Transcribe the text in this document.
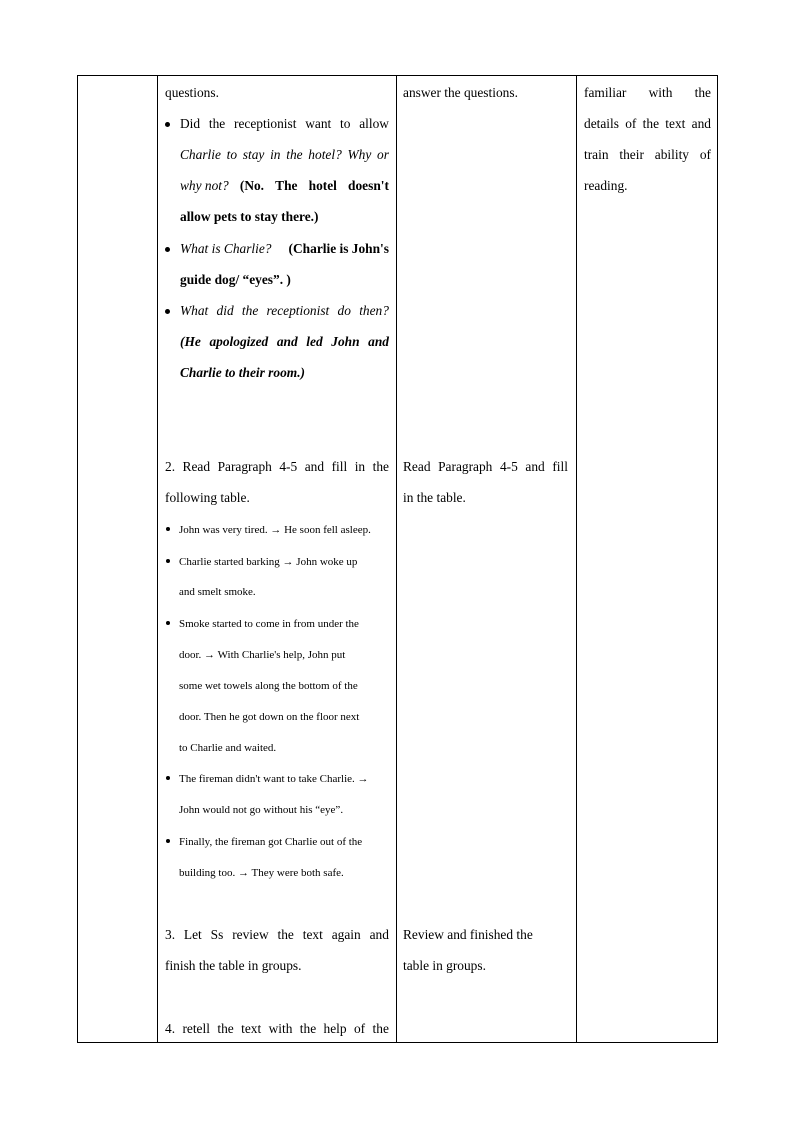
questions.
Did the receptionist want to allow
Charlie to stay in the hotel? Why or
why not? (No. The hotel doesn't
allow pets to stay there.)
What is Charlie? (Charlie is John's
guide dog/ “eyes”. )
What did the receptionist do then?
(He apologized and led John and
Charlie to their room.)
2. Read Paragraph 4-5 and fill in the
following table.
John was very tired. → He soon fell asleep.
Charlie started barking → John woke up
and smelt smoke.
Smoke started to come in from under the
door. → With Charlie's help, John put
some wet towels along the bottom of the
door. Then he got down on the floor next
to Charlie and waited.
The fireman didn't want to take Charlie. →
John would not go without his “eye”.
Finally, the fireman got Charlie out of the
building too. → They were both safe.
3. Let Ss review the text again and
finish the table in groups.
4. retell the text with the help of the
answer the questions.
Read Paragraph 4-5 and fill
in the table.
Review and finished the
table in groups.
familiar with the
details of the text and
train their ability of
reading.
